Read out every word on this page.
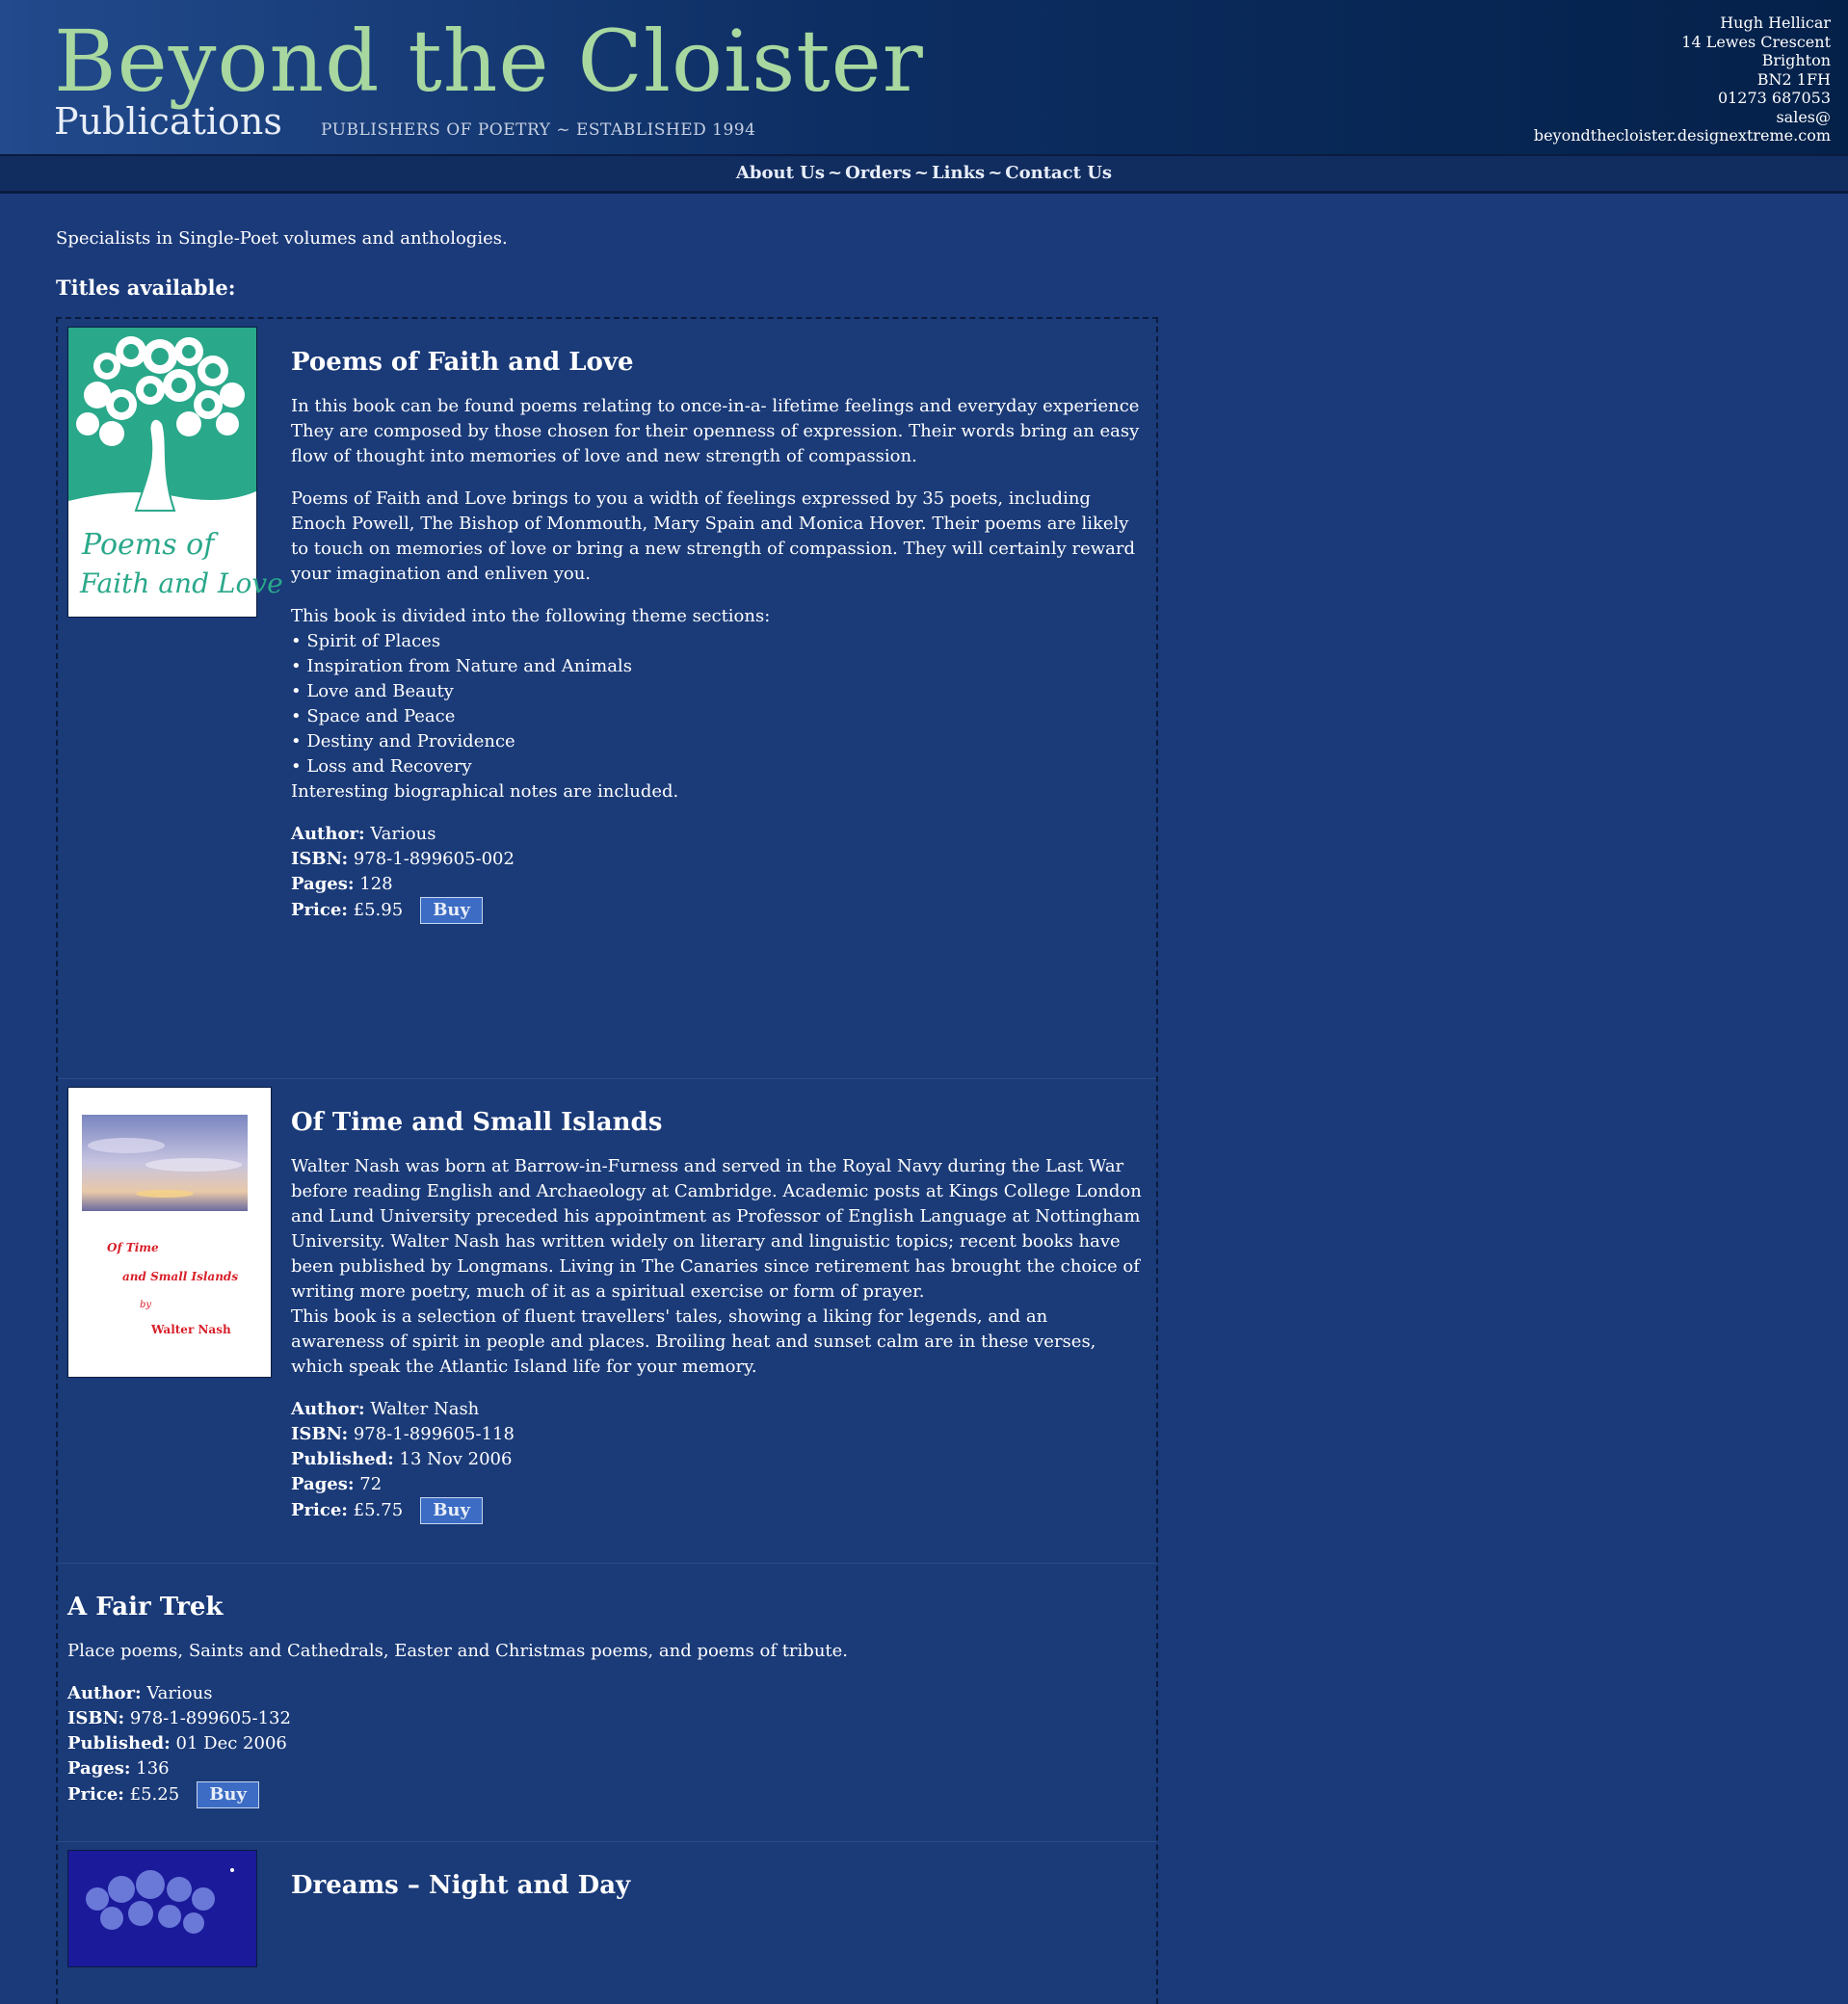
Beyond the Cloister
Publications PUBLISHERS OF POETRY ~ ESTABLISHED 1994
Hugh Hellicar
14 Lewes Crescent
Brighton
BN2 1FH
01273 687053
sales@
beyondthecloister.designextreme.com
About Us ~ Orders ~ Links ~ Contact Us
Specialists in Single-Poet volumes and anthologies.
Titles available:
Poems of
Faith and Love
Poems of Faith and Love

In this book can be found poems relating to once-in-a- lifetime feelings and everyday experience They are composed by those chosen for their openness of expression. Their words bring an easy flow of thought into memories of love and new strength of compassion.

Poems of Faith and Love brings to you a width of feelings expressed by 35 poets, including Enoch Powell, The Bishop of Monmouth, Mary Spain and Monica Hover. Their poems are likely to touch on memories of love or bring a new strength of compassion. They will certainly reward your imagination and enliven you.

This book is divided into the following theme sections:
• Spirit of Places
• Inspiration from Nature and Animals
• Love and Beauty
• Space and Peace
• Destiny and Providence
• Loss and Recovery
Interesting biographical notes are included.
Author: Various
ISBN: 978-1-899605-002
Pages: 128
Price: £5.95 Buy
Of Time
and Small Islands
by
Walter Nash
Of Time and Small Islands
Walter Nash was born at Barrow-in-Furness and served in the Royal Navy during the Last War before reading English and Archaeology at Cambridge. Academic posts at Kings College London and Lund University preceded his appointment as Professor of English Language at Nottingham University. Walter Nash has written widely on literary and linguistic topics; recent books have been published by Longmans. Living in The Canaries since retirement has brought the choice of writing more poetry, much of it as a spiritual exercise or form of prayer.
This book is a selection of fluent travellers' tales, showing a liking for legends, and an awareness of spirit in people and places. Broiling heat and sunset calm are in these verses, which speak the Atlantic Island life for your memory.
Author: Walter Nash
ISBN: 978-1-899605-118
Published: 13 Nov 2006
Pages: 72
Price: £5.75 Buy
A Fair Trek

Place poems, Saints and Cathedrals, Easter and Christmas poems, and poems of tribute.

Author: Various
ISBN: 978-1-899605-132
Published: 01 Dec 2006
Pages: 136
Price: £5.25 Buy
Dreams – Night and Day
